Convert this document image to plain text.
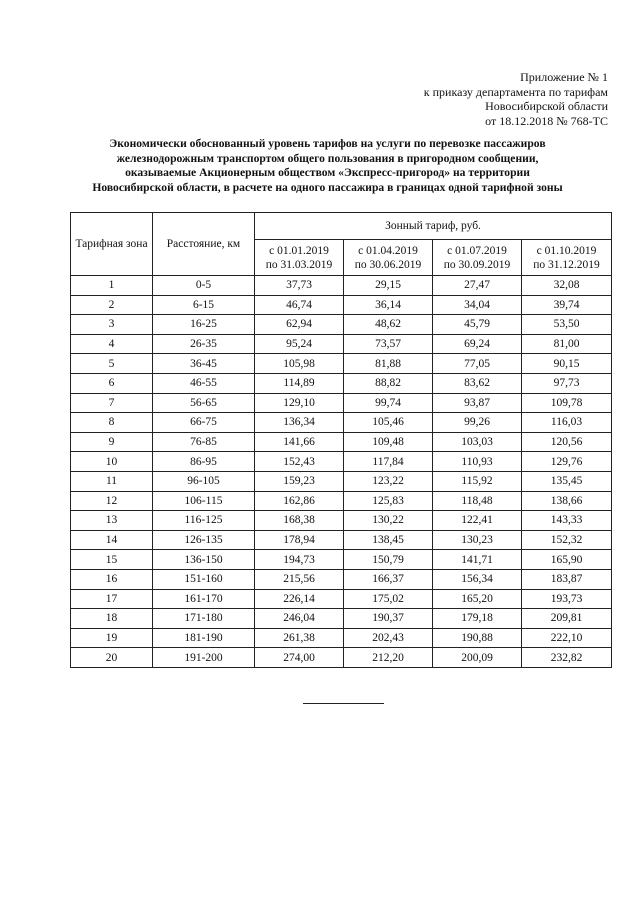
Приложение № 1
к приказу департамента по тарифам
Новосибирской области
от 18.12.2018 № 768-ТС
Экономически обоснованный уровень тарифов на услуги по перевозке пассажиров
железнодорожным транспортом общего пользования в пригородном сообщении,
оказываемые Акционерным обществом «Экспресс-пригород» на территории
Новосибирской области, в расчете на одного пассажира в границах одной тарифной зоны
Тарифная зона	Расстояние, км	Зонный тариф, руб.			
		с 01.01.2019
по 31.03.2019	с 01.04.2019
по 30.06.2019	с 01.07.2019
по 30.09.2019	с 01.10.2019
по 31.12.2019
1	0-5	37,73	29,15	27,47	32,08
2	6-15	46,74	36,14	34,04	39,74
3	16-25	62,94	48,62	45,79	53,50
4	26-35	95,24	73,57	69,24	81,00
5	36-45	105,98	81,88	77,05	90,15
6	46-55	114,89	88,82	83,62	97,73
7	56-65	129,10	99,74	93,87	109,78
8	66-75	136,34	105,46	99,26	116,03
9	76-85	141,66	109,48	103,03	120,56
10	86-95	152,43	117,84	110,93	129,76
11	96-105	159,23	123,22	115,92	135,45
12	106-115	162,86	125,83	118,48	138,66
13	116-125	168,38	130,22	122,41	143,33
14	126-135	178,94	138,45	130,23	152,32
15	136-150	194,73	150,79	141,71	165,90
16	151-160	215,56	166,37	156,34	183,87
17	161-170	226,14	175,02	165,20	193,73
18	171-180	246,04	190,37	179,18	209,81
19	181-190	261,38	202,43	190,88	222,10
20	191-200	274,00	212,20	200,09	232,82
